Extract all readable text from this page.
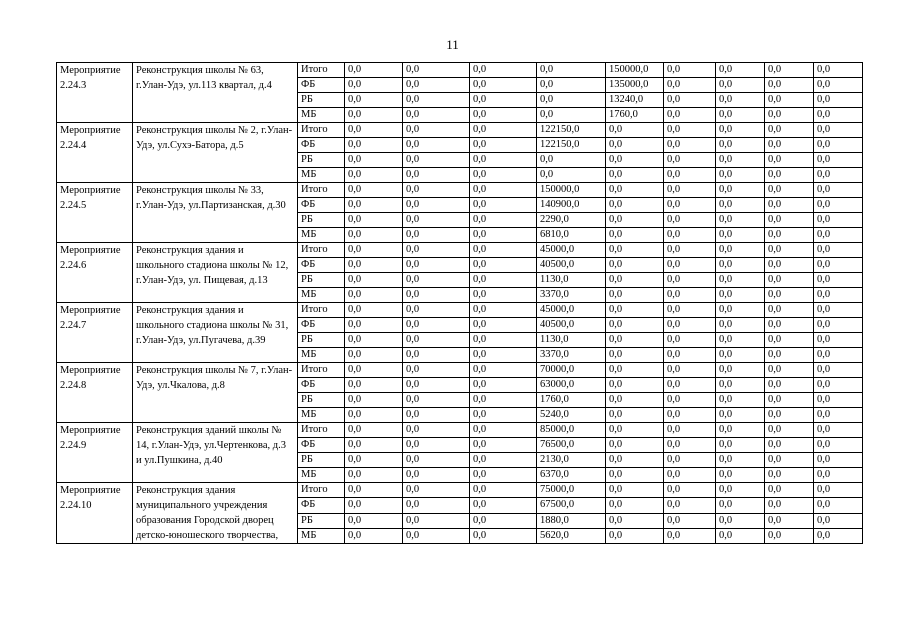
11
Мероприятие 2.24.3	Реконструкция школы № 63, г.Улан-Удэ, ул.113 квартал, д.4	Итого	0,0	0,0	0,0	0,0	150000,0	0,0	0,0	0,0	0,0
		ФБ	0,0	0,0	0,0	0,0	135000,0	0,0	0,0	0,0	0,0
		РБ	0,0	0,0	0,0	0,0	13240,0	0,0	0,0	0,0	0,0
		МБ	0,0	0,0	0,0	0,0	1760,0	0,0	0,0	0,0	0,0
Мероприятие 2.24.4	Реконструкция школы № 2, г.Улан-Удэ, ул.Сухэ-Батора, д.5	Итого	0,0	0,0	0,0	122150,0	0,0	0,0	0,0	0,0	0,0
		ФБ	0,0	0,0	0,0	122150,0	0,0	0,0	0,0	0,0	0,0
		РБ	0,0	0,0	0,0	0,0	0,0	0,0	0,0	0,0	0,0
		МБ	0,0	0,0	0,0	0,0	0,0	0,0	0,0	0,0	0,0
Мероприятие 2.24.5	Реконструкция школы № 33, г.Улан-Удэ, ул.Партизанская, д.30	Итого	0,0	0,0	0,0	150000,0	0,0	0,0	0,0	0,0	0,0
		ФБ	0,0	0,0	0,0	140900,0	0,0	0,0	0,0	0,0	0,0
		РБ	0,0	0,0	0,0	2290,0	0,0	0,0	0,0	0,0	0,0
		МБ	0,0	0,0	0,0	6810,0	0,0	0,0	0,0	0,0	0,0
Мероприятие 2.24.6	Реконструкция здания и школьного стадиона школы № 12, г.Улан-Удэ, ул. Пищевая, д.13	Итого	0,0	0,0	0,0	45000,0	0,0	0,0	0,0	0,0	0,0
		ФБ	0,0	0,0	0,0	40500,0	0,0	0,0	0,0	0,0	0,0
		РБ	0,0	0,0	0,0	1130,0	0,0	0,0	0,0	0,0	0,0
		МБ	0,0	0,0	0,0	3370,0	0,0	0,0	0,0	0,0	0,0
Мероприятие 2.24.7	Реконструкция здания и школьного стадиона школы № 31, г.Улан-Удэ, ул.Пугачева, д.39	Итого	0,0	0,0	0,0	45000,0	0,0	0,0	0,0	0,0	0,0
		ФБ	0,0	0,0	0,0	40500,0	0,0	0,0	0,0	0,0	0,0
		РБ	0,0	0,0	0,0	1130,0	0,0	0,0	0,0	0,0	0,0
		МБ	0,0	0,0	0,0	3370,0	0,0	0,0	0,0	0,0	0,0
Мероприятие 2.24.8	Реконструкция школы № 7, г.Улан-Удэ, ул.Чкалова, д.8	Итого	0,0	0,0	0,0	70000,0	0,0	0,0	0,0	0,0	0,0
		ФБ	0,0	0,0	0,0	63000,0	0,0	0,0	0,0	0,0	0,0
		РБ	0,0	0,0	0,0	1760,0	0,0	0,0	0,0	0,0	0,0
		МБ	0,0	0,0	0,0	5240,0	0,0	0,0	0,0	0,0	0,0
Мероприятие 2.24.9	Реконструкция зданий школы № 14, г.Улан-Удэ, ул.Чертенкова, д.3 и ул.Пушкина, д.40	Итого	0,0	0,0	0,0	85000,0	0,0	0,0	0,0	0,0	0,0
		ФБ	0,0	0,0	0,0	76500,0	0,0	0,0	0,0	0,0	0,0
		РБ	0,0	0,0	0,0	2130,0	0,0	0,0	0,0	0,0	0,0
		МБ	0,0	0,0	0,0	6370,0	0,0	0,0	0,0	0,0	0,0
Мероприятие 2.24.10	Реконструкция здания муниципального учреждения образования Городской дворец детско-юношеского творчества,	Итого	0,0	0,0	0,0	75000,0	0,0	0,0	0,0	0,0	0,0
		ФБ	0,0	0,0	0,0	67500,0	0,0	0,0	0,0	0,0	0,0
		РБ	0,0	0,0	0,0	1880,0	0,0	0,0	0,0	0,0	0,0
		МБ	0,0	0,0	0,0	5620,0	0,0	0,0	0,0	0,0	0,0
